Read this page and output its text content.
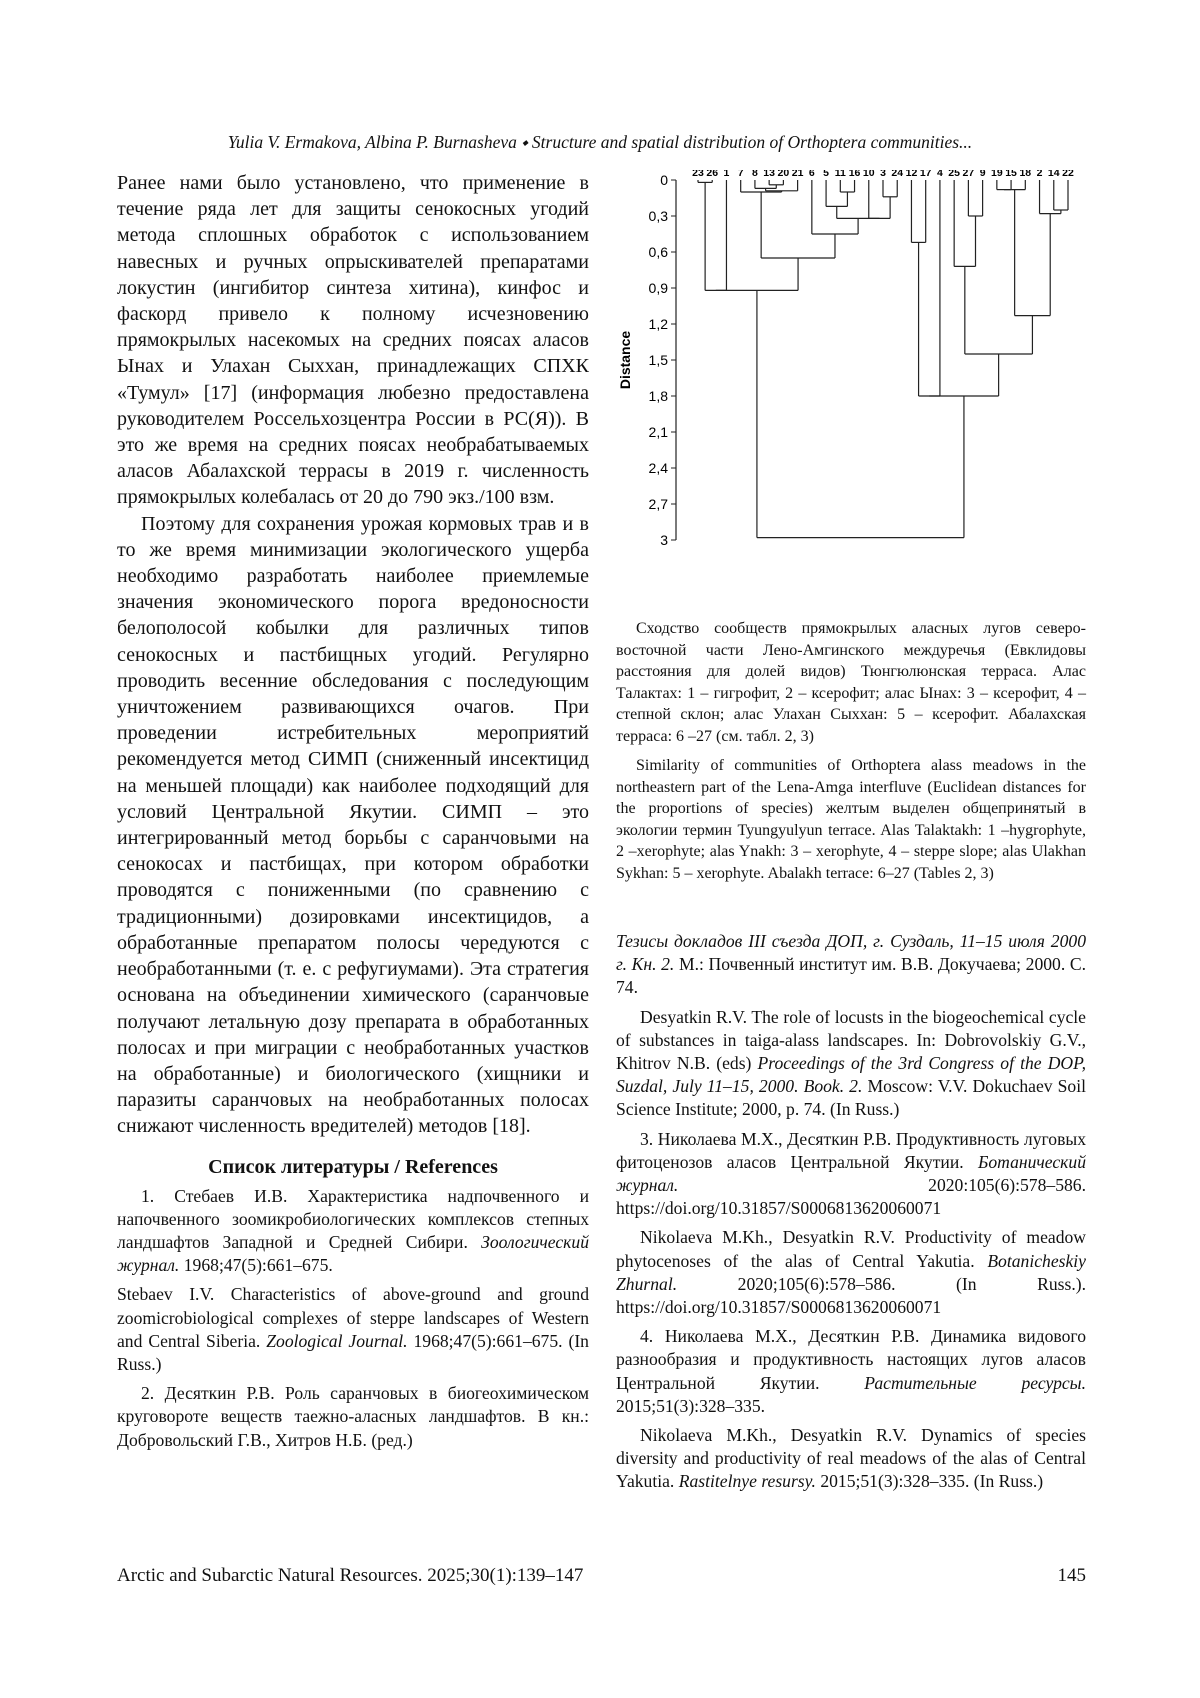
Yulia V. Ermakova, Albina P. Burnasheva ⬩ Structure and spatial distribution of Orthoptera communities...

Ранее нами было установлено, что применение в течение ряда лет для защиты сенокосных угодий метода сплошных обработок с использованием навесных и ручных опрыскивателей препаратами локустин (ингибитор синтеза хитина), кинфос и фаскорд привело к полному исчезновению прямокрылых насекомых на средних поясах аласов Ынах и Улахан Сыххан, принадлежащих СПХК «Тумул» [17] (информация любезно предоставлена руководителем Россельхозцентра России в РС(Я)). В это же время на средних поясах необрабатываемых аласов Абалахской террасы в 2019 г. численность прямокрылых колебалась от 20 до 790 экз./100 взм.

Поэтому для сохранения урожая кормовых трав и в то же время минимизации экологического ущерба необходимо разработать наиболее приемлемые значения экономического порога вредоносности белополосой кобылки для различных типов сенокосных и пастбищных угодий. Регулярно проводить весенние обследования с последующим уничтожением развивающихся очагов. При проведении истребительных мероприятий рекомендуется метод СИМП (сниженный инсектицид на меньшей площади) как наиболее подходящий для условий Центральной Якутии. СИМП – это интегрированный метод борьбы с саранчовыми на сенокосах и пастбищах, при котором обработки проводятся с пониженными (по сравнению с традиционными) дозировками инсектицидов, а обработанные препаратом полосы чередуются с необработанными (т. е. с рефугиумами). Эта стратегия основана на объединении химического (саранчовые получают летальную дозу препарата в обработанных полосах и при миграции с необработанных участков на обработанные) и биологического (хищники и паразиты саранчовых на необработанных полосах снижают численность вредителей) методов [18].

Список литературы / References

1. Стебаев И.В. Характеристика надпочвенного и напочвенного зоомикробиологических комплексов степных ландшафтов Западной и Средней Сибири. Зоологический журнал. 1968;47(5):661–675.

Stebaev I.V. Characteristics of above-ground and ground zoomicrobiological complexes of steppe landscapes of Western and Central Siberia. Zoological Journal. 1968;47(5):661–675. (In Russ.)

2. Десяткин Р.В. Роль саранчовых в биогеохимическом круговороте веществ таежно-аласных ландшафтов. В кн.: Добровольский Г.В., Хитров Н.Б. (ред.)

0
0,3
0,6
0,9
1,2
1,5
1,8
2,1
2,4
2,7
3
Distance
23 26 1 7 8 13 20 21 6 5 11 16 10 3 24 12 17 4 25 27 9 19 15 18 2 14 22

Сходство сообществ прямокрылых аласных лугов северо-восточной части Лено-Амгинского междуречья (Евклидовы расстояния для долей видов) Тюнгюлюнская терраса. Алас Талактах: 1 – гигрофит, 2 – ксерофит; алас Ынах: 3 – ксерофит, 4 – степной склон; алас Улахан Сыххан: 5 – ксерофит. Абалахская терраса: 6 –27 (см. табл. 2, 3)

Similarity of communities of Orthoptera alass meadows in the northeastern part of the Lena-Amga interfluve (Euclidean distances for the proportions of species) желтым выделен общепринятый в экологии термин Tyungyulyun terrace. Alas Talaktakh: 1 –hygrophyte, 2 –xerophyte; alas Ynakh: 3 – xerophyte, 4 – steppe slope; alas Ulakhan Sykhan: 5 – xerophyte. Abalakh terrace: 6–27 (Tables 2, 3)

Тезисы докладов III съезда ДОП, г. Суздаль, 11–15 июля 2000 г. Кн. 2. М.: Почвенный институт им. В.В. Докучаева; 2000. С. 74.

Desyatkin R.V. The role of locusts in the biogeochemical cycle of substances in taiga-alass landscapes. In: Dobrovolskiy G.V., Khitrov N.B. (eds) Proceedings of the 3rd Congress of the DOP, Suzdal, July 11–15, 2000. Book. 2. Moscow: V.V. Dokuchaev Soil Science Institute; 2000, p. 74. (In Russ.)

3. Николаева М.Х., Десяткин Р.В. Продуктивность луговых фитоценозов аласов Центральной Якутии. Ботанический журнал.	2020:105(6):578–586. https://doi.org/10.31857/S0006813620060071

Nikolaeva M.Kh., Desyatkin R.V. Productivity of meadow phytocenoses of the alas of Central Yakutia. Botanicheskiy Zhurnal.	2020;105(6):578–586. (In Russ.). https://doi.org/10.31857/S0006813620060071

4. Николаева М.Х., Десяткин Р.В. Динамика видового разнообразия и продуктивность настоящих лугов аласов Центральной Якутии.	Растительные ресурсы. 2015;51(3):328–335.

Nikolaeva M.Kh., Desyatkin R.V. Dynamics of species diversity and productivity of real meadows of the alas of Central Yakutia. Rastitelnye resursy. 2015;51(3):328–335. (In Russ.)

Arctic and Subarctic Natural Resources. 2025;30(1):139–147	145
